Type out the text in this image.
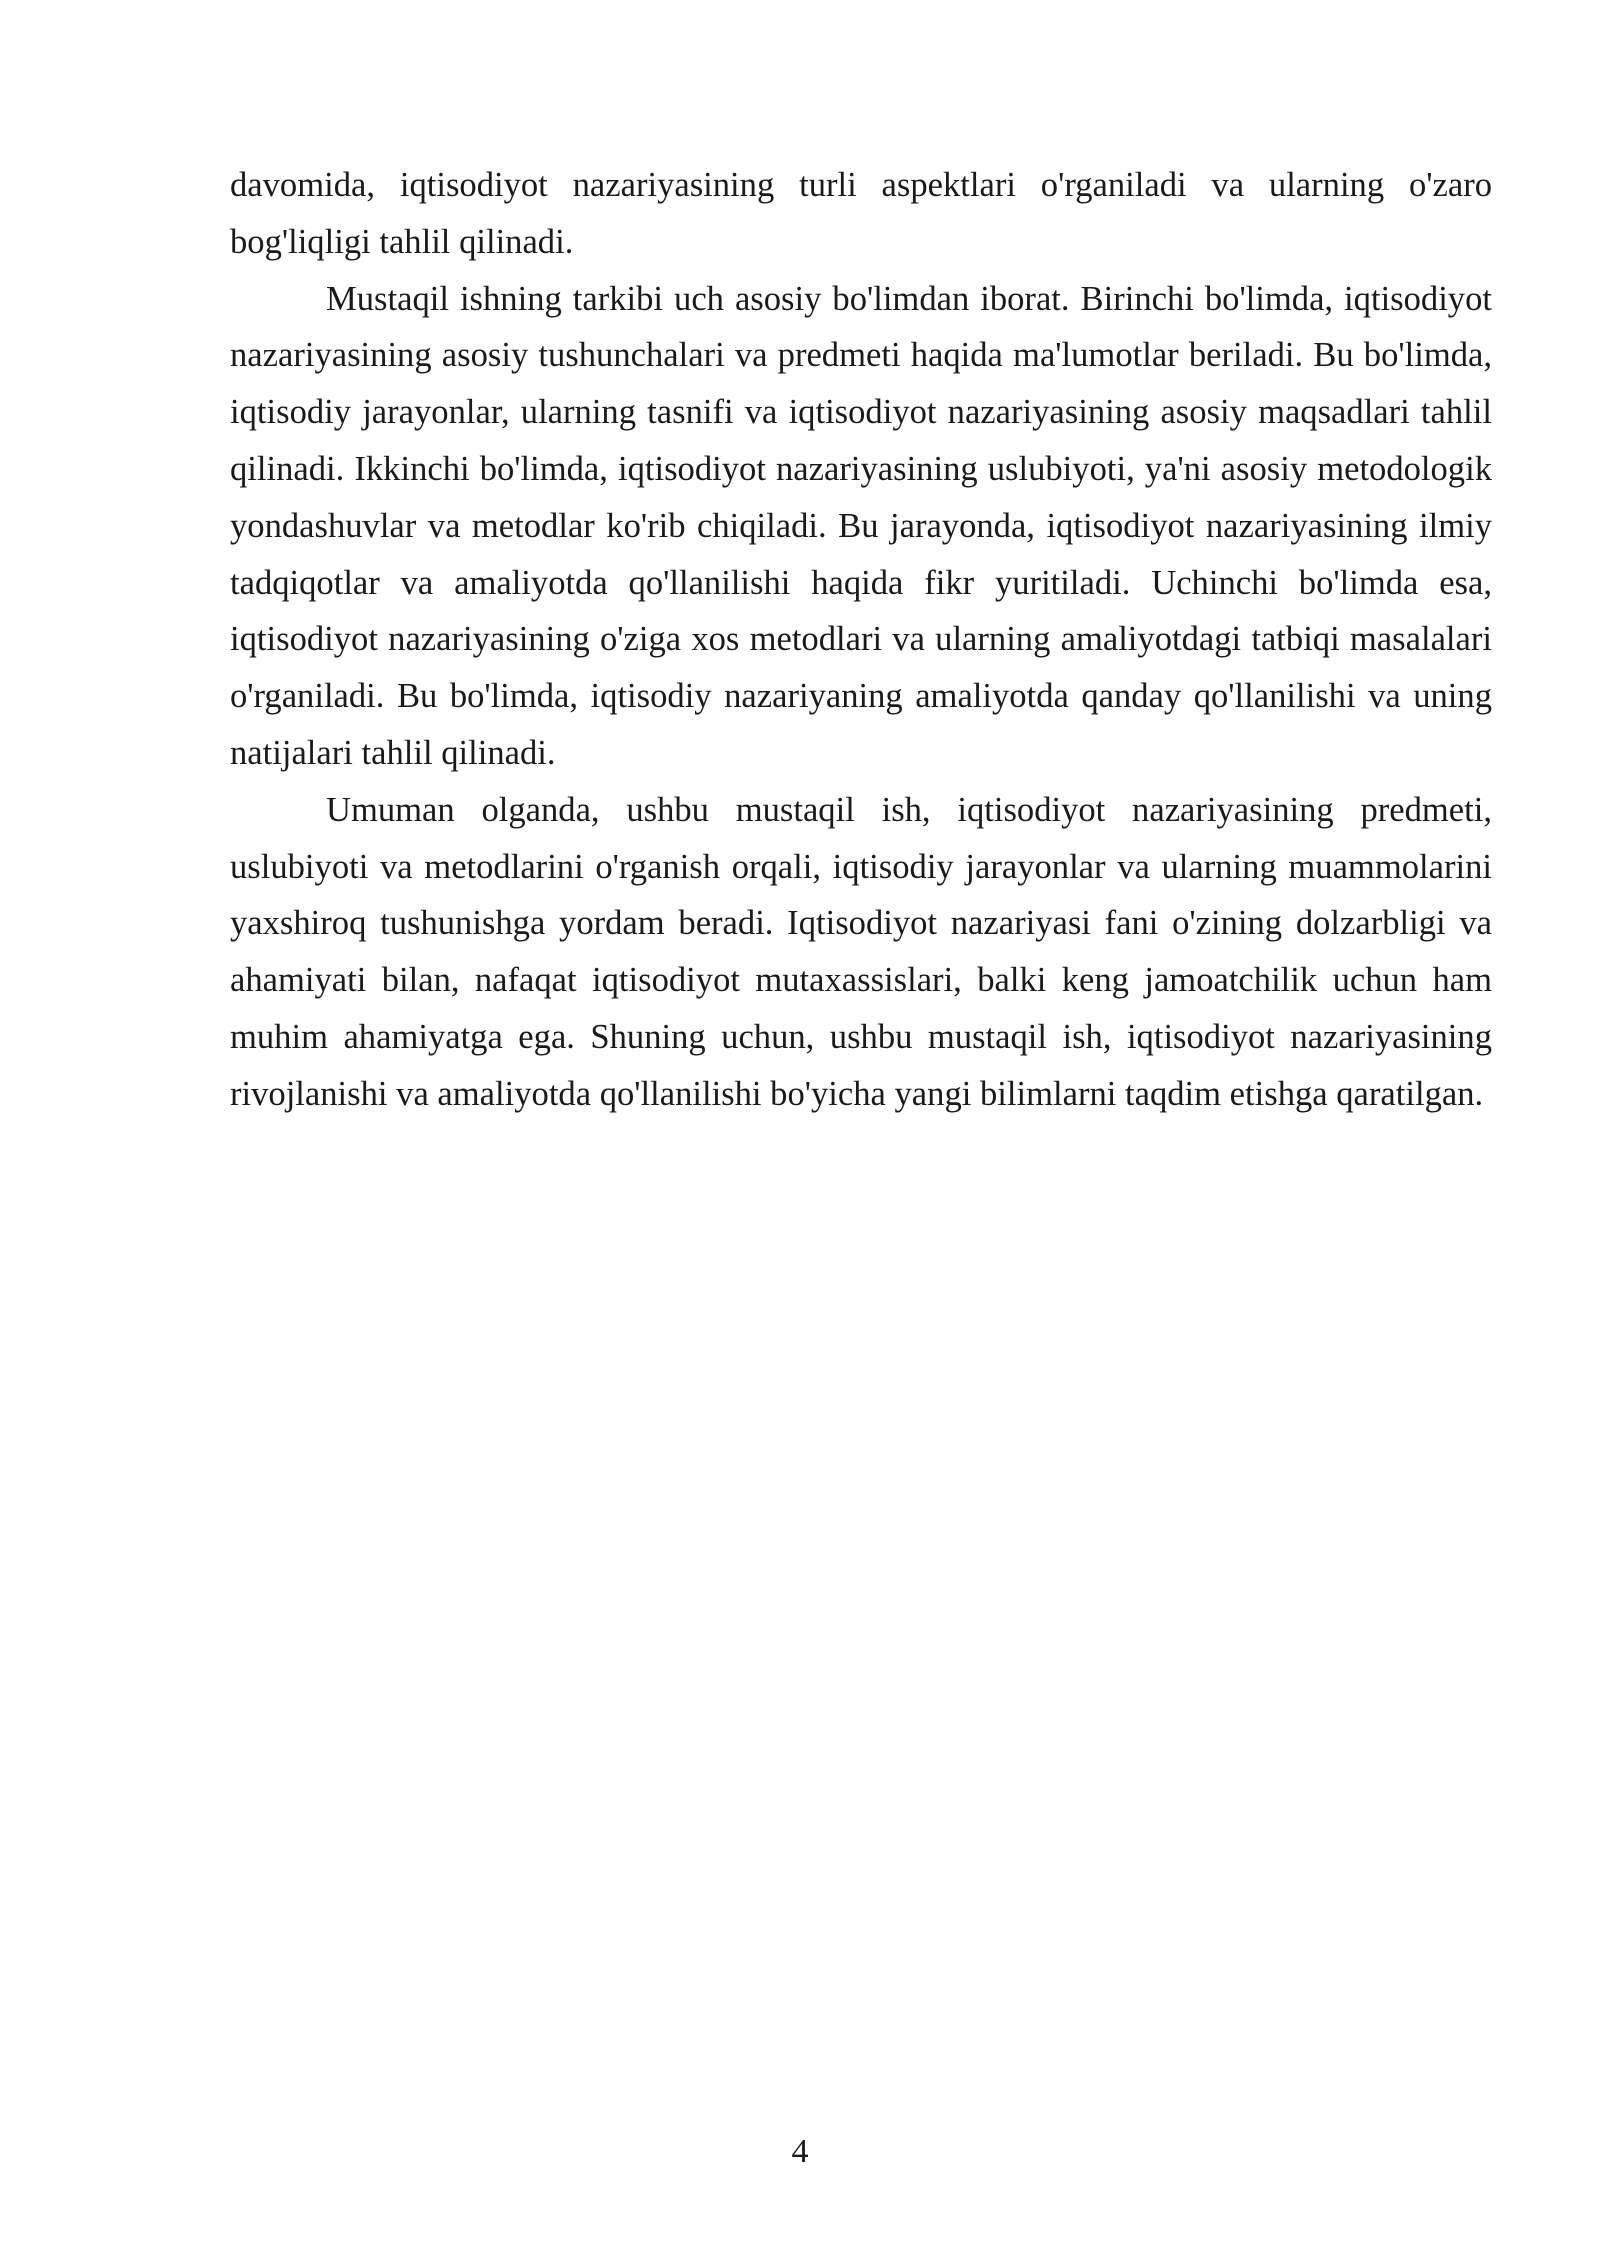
davomida, iqtisodiyot nazariyasining turli aspektlari o'rganiladi va ularning o'zaro bog'liqligi tahlil qilinadi.

Mustaqil ishning tarkibi uch asosiy bo'limdan iborat. Birinchi bo'limda, iqtisodiyot nazariyasining asosiy tushunchalari va predmeti haqida ma'lumotlar beriladi. Bu bo'limda, iqtisodiy jarayonlar, ularning tasnifi va iqtisodiyot nazariyasining asosiy maqsadlari tahlil qilinadi. Ikkinchi bo'limda, iqtisodiyot nazariyasining uslubiyoti, ya'ni asosiy metodologik yondashuvlar va metodlar ko'rib chiqiladi. Bu jarayonda, iqtisodiyot nazariyasining ilmiy tadqiqotlar va amaliyotda qo'llanilishi haqida fikr yuritiladi. Uchinchi bo'limda esa, iqtisodiyot nazariyasining o'ziga xos metodlari va ularning amaliyotdagi tatbiqi masalalari o'rganiladi. Bu bo'limda, iqtisodiy nazariyaning amaliyotda qanday qo'llanilishi va uning natijalari tahlil qilinadi.

Umuman olganda, ushbu mustaqil ish, iqtisodiyot nazariyasining predmeti, uslubiyoti va metodlarini o'rganish orqali, iqtisodiy jarayonlar va ularning muammolarini yaxshiroq tushunishga yordam beradi. Iqtisodiyot nazariyasi fani o'zining dolzarbligi va ahamiyati bilan, nafaqat iqtisodiyot mutaxassislari, balki keng jamoatchilik uchun ham muhim ahamiyatga ega. Shuning uchun, ushbu mustaqil ish, iqtisodiyot nazariyasining rivojlanishi va amaliyotda qo'llanilishi bo'yicha yangi bilimlarni taqdim etishga qaratilgan.

4
